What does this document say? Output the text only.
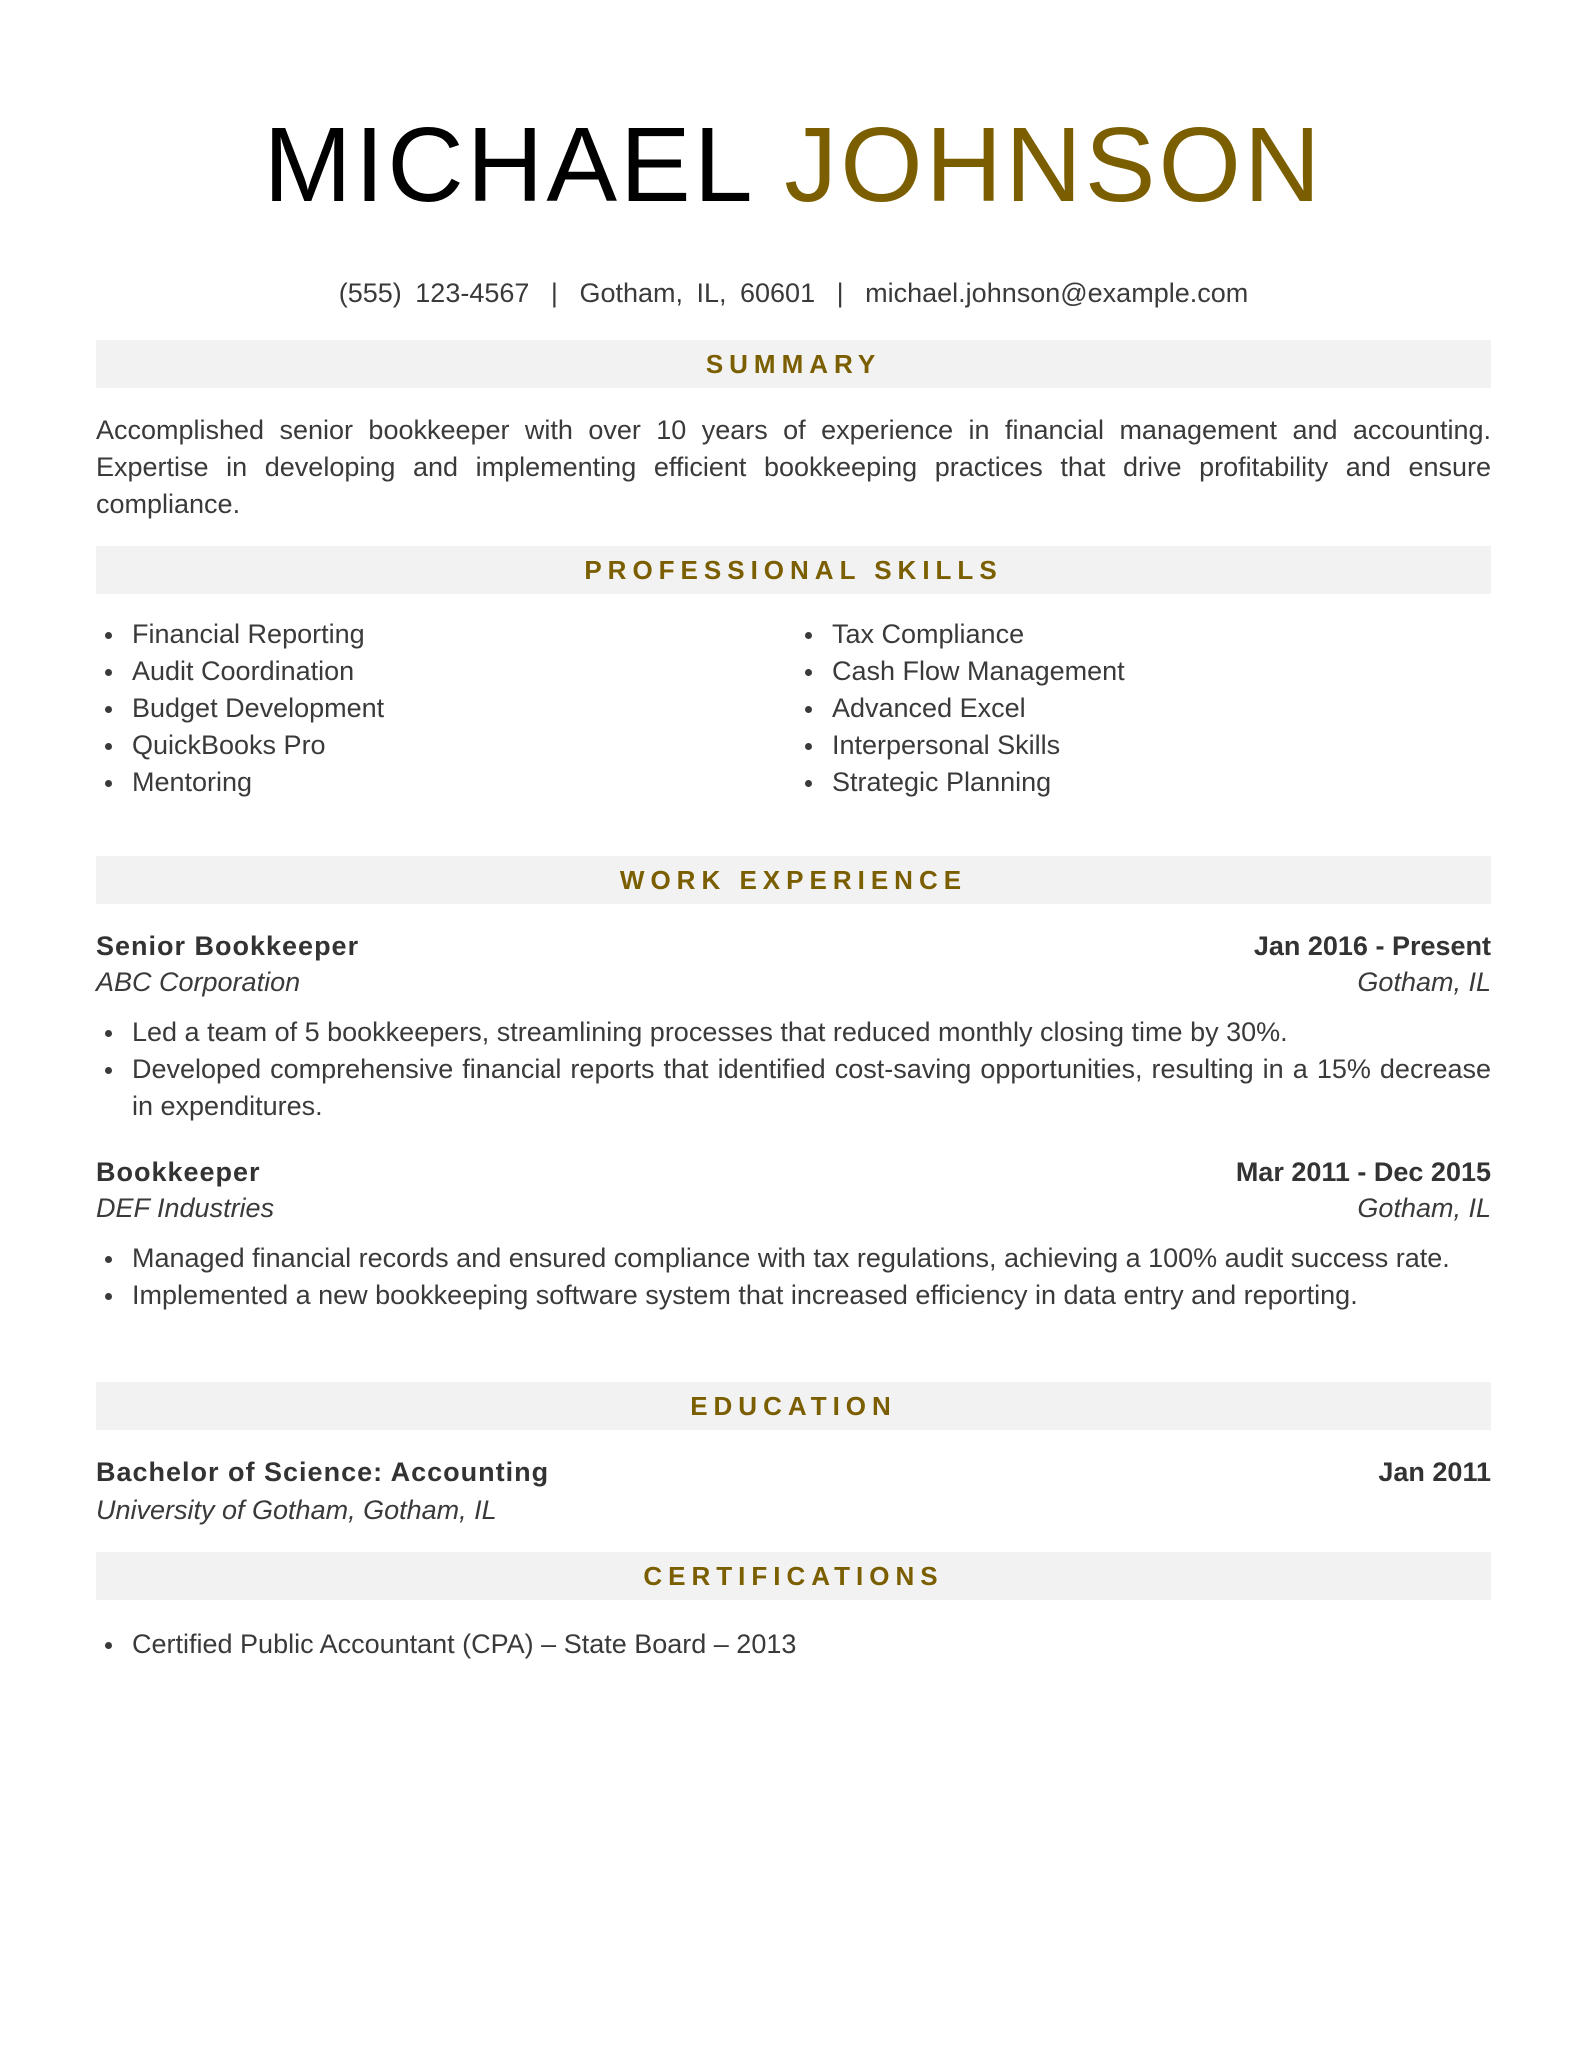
MICHAEL JOHNSON
(555) 123-4567 | Gotham, IL, 60601 | michael.johnson@example.com
SUMMARY
Accomplished senior bookkeeper with over 10 years of experience in financial management and accounting. Expertise in developing and implementing efficient bookkeeping practices that drive profitability and ensure compliance.
PROFESSIONAL SKILLS
Financial Reporting
Audit Coordination
Budget Development
QuickBooks Pro
Mentoring
Tax Compliance
Cash Flow Management
Advanced Excel
Interpersonal Skills
Strategic Planning
WORK EXPERIENCE
Senior Bookkeeper	Jan 2016 - Present
ABC Corporation	Gotham, IL
Led a team of 5 bookkeepers, streamlining processes that reduced monthly closing time by 30%.
Developed comprehensive financial reports that identified cost-saving opportunities, resulting in a 15% decrease in expenditures.
Bookkeeper	Mar 2011 - Dec 2015
DEF Industries	Gotham, IL
Managed financial records and ensured compliance with tax regulations, achieving a 100% audit success rate.
Implemented a new bookkeeping software system that increased efficiency in data entry and reporting.
EDUCATION
Bachelor of Science: Accounting	Jan 2011
University of Gotham, Gotham, IL
CERTIFICATIONS
Certified Public Accountant (CPA) – State Board – 2013
